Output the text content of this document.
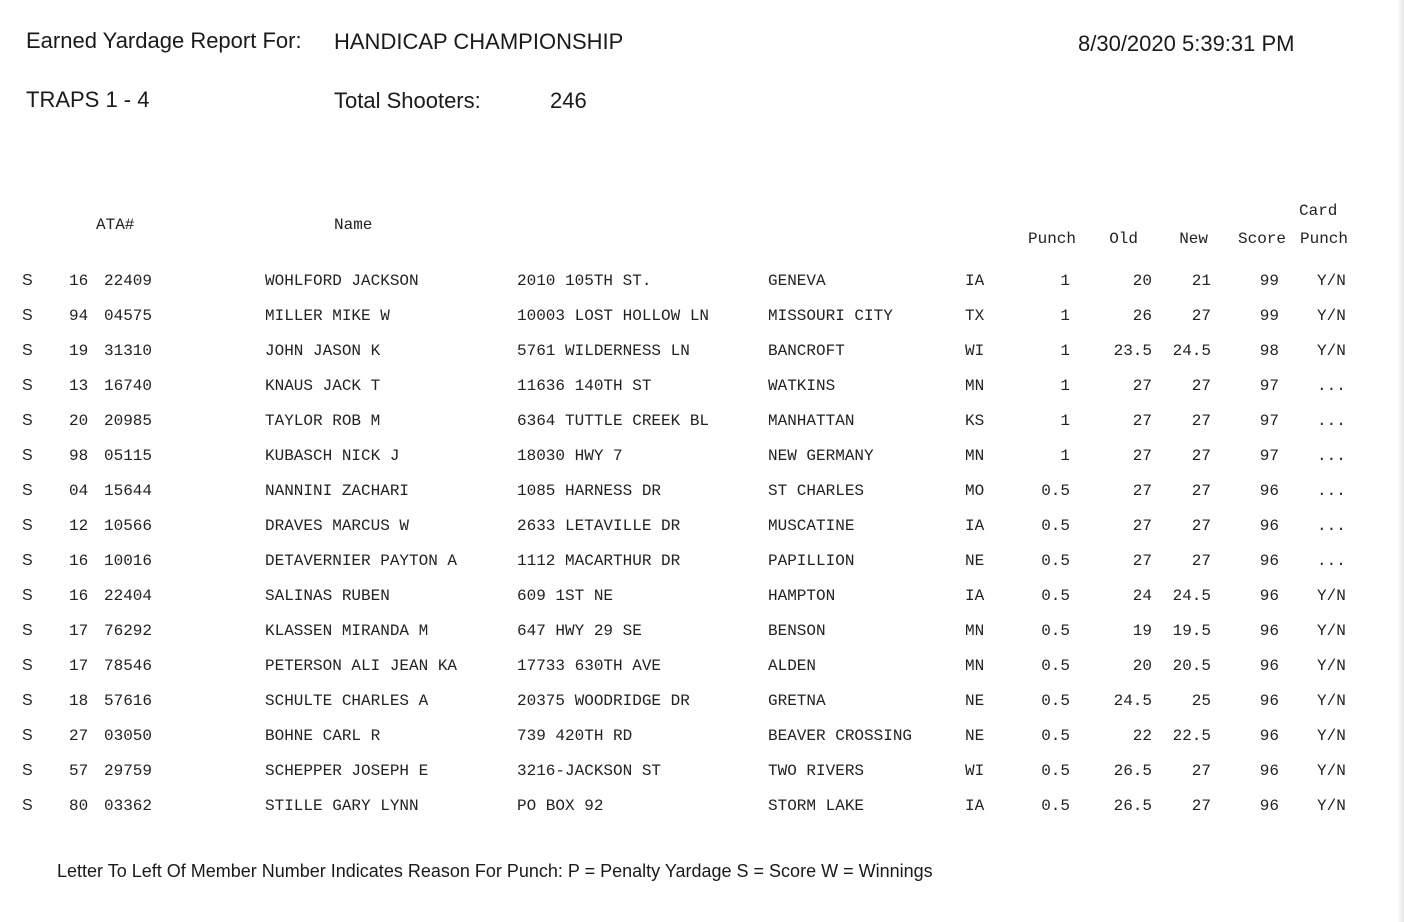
Earned Yardage Report For: HANDICAP CHAMPIONSHIP	8/30/2020 5:39:31 PM
TRAPS 1 - 4	Total Shooters:	246
ATA#	Name
Punch	Old	New	Score
Card
Punch
S 16 22409	WOHLFORD JACKSON	2010 105TH ST.	GENEVA	IA	1	20	21	99 Y/N
S 94 04575	MILLER MIKE W	10003 LOST HOLLOW LN	MISSOURI CITY	TX	1	26	27	99 Y/N
S 19 31310	JOHN JASON K	5761 WILDERNESS LN	BANCROFT	WI	1	23.5	24.5	98 Y/N
S 13 16740	KNAUS JACK T	11636 140TH ST	WATKINS	MN	1	27	27	97 ...
S 20 20985	TAYLOR ROB M	6364 TUTTLE CREEK BL	MANHATTAN	KS	1	27	27	97 ...
S 98 05115	KUBASCH NICK J	18030 HWY 7	NEW GERMANY	MN	1	27	27	97 ...
S 04 15644	NANNINI ZACHARI	1085 HARNESS DR	ST CHARLES	MO	0.5	27	27	96 ...
S 12 10566	DRAVES MARCUS W	2633 LETAVILLE DR	MUSCATINE	IA	0.5	27	27	96 ...
S 16 10016	DETAVERNIER PAYTON A	1112 MACARTHUR DR	PAPILLION	NE	0.5	27	27	96 ...
S 16 22404	SALINAS RUBEN	609 1ST NE	HAMPTON	IA	0.5	24	24.5	96 Y/N
S 17 76292	KLASSEN MIRANDA M	647 HWY 29 SE	BENSON	MN	0.5	19	19.5	96 Y/N
S 17 78546	PETERSON ALI JEAN KA	17733 630TH AVE	ALDEN	MN	0.5	20	20.5	96 Y/N
S 18 57616	SCHULTE CHARLES A	20375 WOODRIDGE DR	GRETNA	NE	0.5	24.5	25	96 Y/N
S 27 03050	BOHNE CARL R	739 420TH RD	BEAVER CROSSING	NE	0.5	22	22.5	96 Y/N
S 57 29759	SCHEPPER JOSEPH E	3216-JACKSON ST	TWO RIVERS	WI	0.5	26.5	27	96 Y/N
S 80 03362	STILLE GARY LYNN	PO BOX 92	STORM LAKE	IA	0.5	26.5	27	96 Y/N
Letter To Left Of Member Number Indicates Reason For Punch: P = Penalty Yardage S = Score W = Winnings
